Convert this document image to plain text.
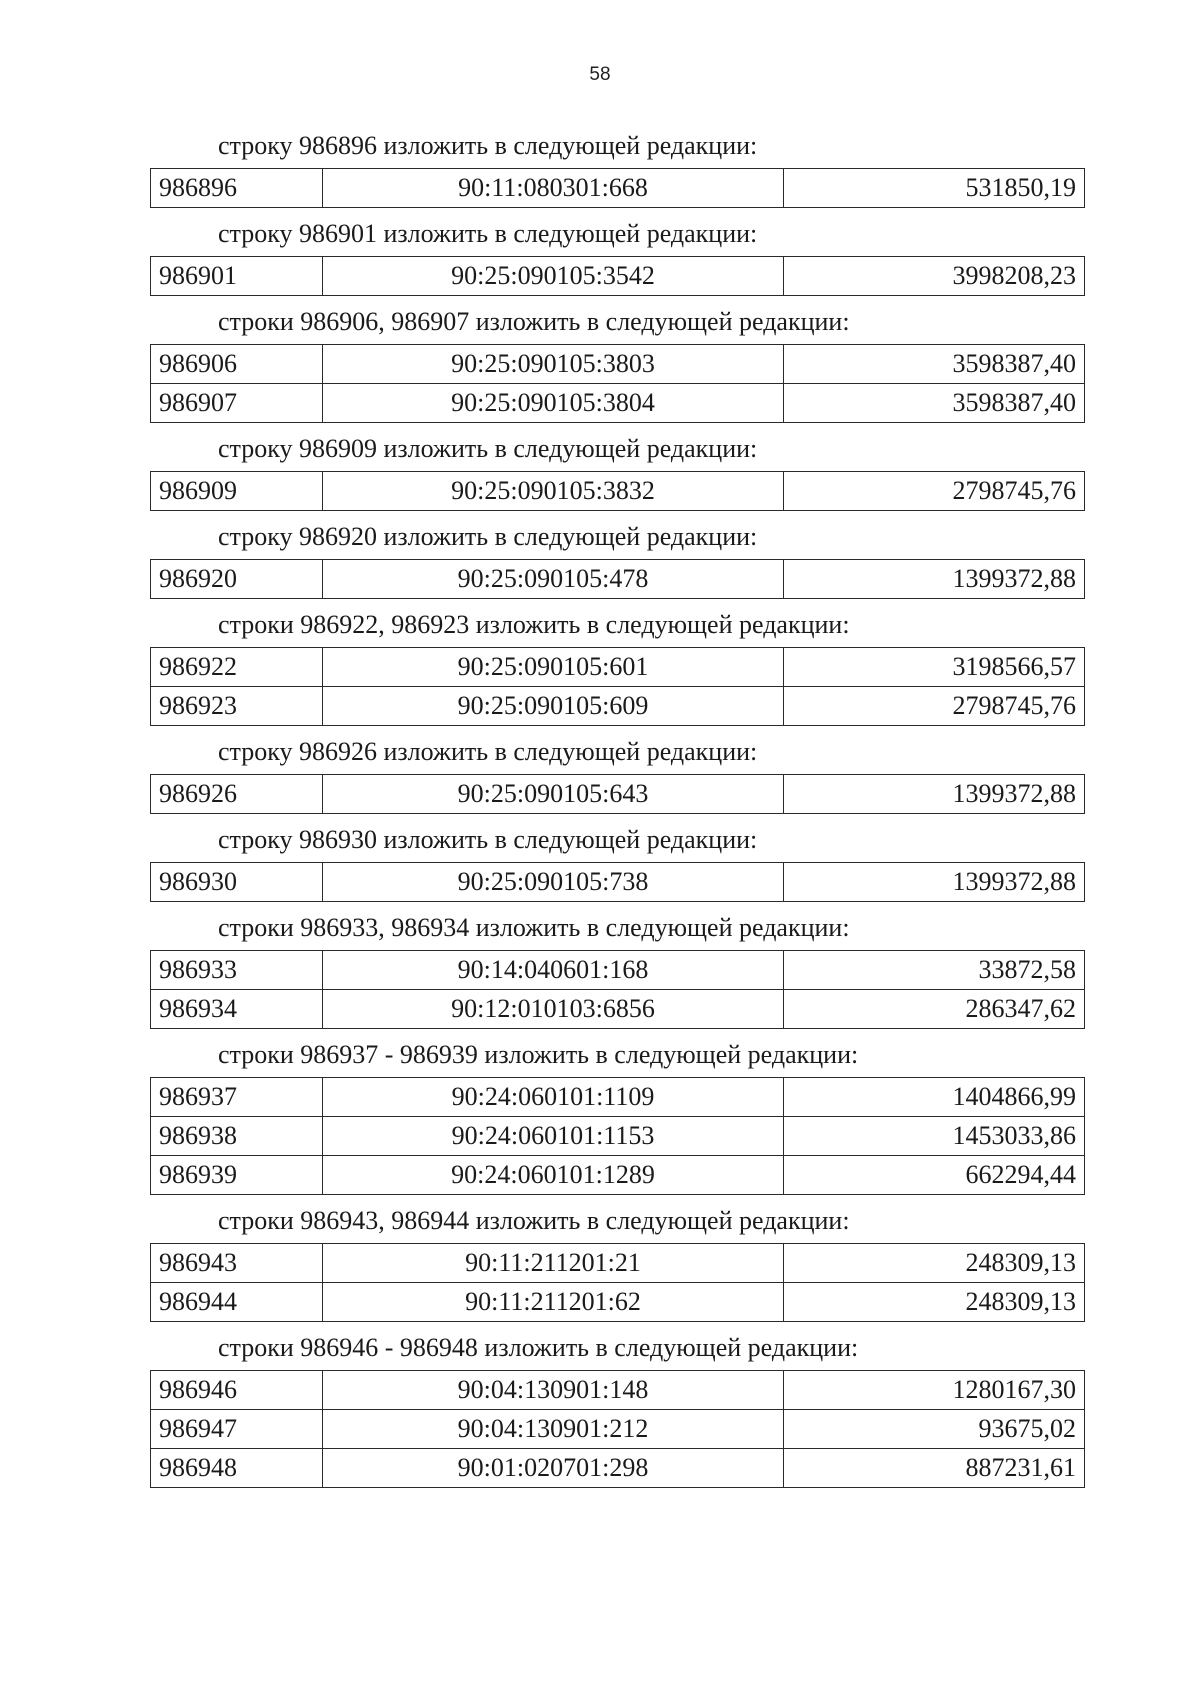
58
строку 986896 изложить в следующей редакции:
986896	90:11:080301:668	531850,19
строку 986901 изложить в следующей редакции:
986901	90:25:090105:3542	3998208,23
строки 986906, 986907 изложить в следующей редакции:
986906	90:25:090105:3803	3598387,40
986907	90:25:090105:3804	3598387,40
строку 986909 изложить в следующей редакции:
986909	90:25:090105:3832	2798745,76
строку 986920 изложить в следующей редакции:
986920	90:25:090105:478	1399372,88
строки 986922, 986923 изложить в следующей редакции:
986922	90:25:090105:601	3198566,57
986923	90:25:090105:609	2798745,76
строку 986926 изложить в следующей редакции:
986926	90:25:090105:643	1399372,88
строку 986930 изложить в следующей редакции:
986930	90:25:090105:738	1399372,88
строки 986933, 986934 изложить в следующей редакции:
986933	90:14:040601:168	33872,58
986934	90:12:010103:6856	286347,62
строки 986937 - 986939 изложить в следующей редакции:
986937	90:24:060101:1109	1404866,99
986938	90:24:060101:1153	1453033,86
986939	90:24:060101:1289	662294,44
строки 986943, 986944 изложить в следующей редакции:
986943	90:11:211201:21	248309,13
986944	90:11:211201:62	248309,13
строки 986946 - 986948 изложить в следующей редакции:
986946	90:04:130901:148	1280167,30
986947	90:04:130901:212	93675,02
986948	90:01:020701:298	887231,61
